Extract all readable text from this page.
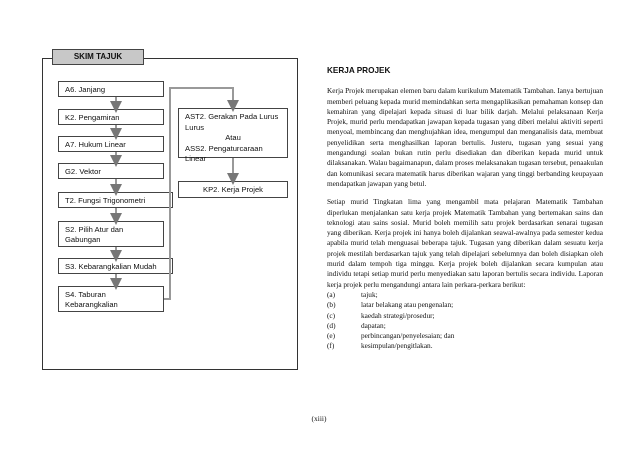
SKIM TAJUK
A6. Janjang
K2. Pengamiran
A7. Hukum Linear
G2. Vektor
T2. Fungsi Trigonometri
S2. Pilih Atur dan Gabungan
S3. Kebarangkalian Mudah
S4. Taburan Kebarangkalian
AST2. Gerakan Pada Lurus
Lurus
Atau
ASS2. Pengaturcaraan Linear
KP2. Kerja Projek
KERJA PROJEK
Kerja Projek merupakan elemen baru dalam kurikulum Matematik Tambahan. Ianya bertujuan memberi peluang kepada murid memindahkan serta mengaplikasikan pemahaman konsep dan kemahiran yang dipelajari kepada situasi di luar bilik darjah. Melalui pelaksanaan Kerja Projek, murid perlu mendapatkan jawapan kepada tugasan yang diberi melalui aktiviti seperti menyoal, membincang dan menghujahkan idea, mengumpul dan menganalisis data, membuat penyelidikan serta menghasilkan laporan bertulis. Justeru, tugasan yang sesuai yang mengandungi soalan bukan rutin perlu disediakan dan diberikan kepada murid untuk dilaksanakan. Walau bagaimanapun, dalam proses melaksanakan tugasan tersebut, penaakulan dan komunikasi secara matematik harus diberikan wajaran yang tinggi berbanding keupayaan mendapatkan jawapan yang betul.
Setiap murid Tingkatan lima yang mengambil mata pelajaran Matematik Tambahan diperlukan menjalankan satu kerja projek Matematik Tambahan yang bertemakan sains dan teknologi atau sains sosial. Murid boleh memilih satu projek berdasarkan senarai tugasan yang diberikan. Kerja projek ini hanya boleh dijalankan seawal-awalnya pada semester kedua apabila murid telah menguasai beberapa tajuk. Tugasan yang diberikan dalam sesuatu kerja projek mestilah berdasarkan tajuk yang telah dipelajari sebelumnya dan boleh disiapkan oleh murid dalam tempoh tiga minggu. Kerja projek boleh dijalankan secara kumpulan atau individu tetapi setiap murid perlu menyediakan satu laporan bertulis secara individu. Laporan kerja projek perlu mengandungi antara lain perkara-perkara berikut:
(a)	tajuk;
(b)	latar belakang atau pengenalan;
(c)	kaedah strategi/prosedur;
(d)	dapatan;
(e)	perbincangan/penyelesaian; dan
(f)	kesimpulan/pengitlakan.
(xiii)
